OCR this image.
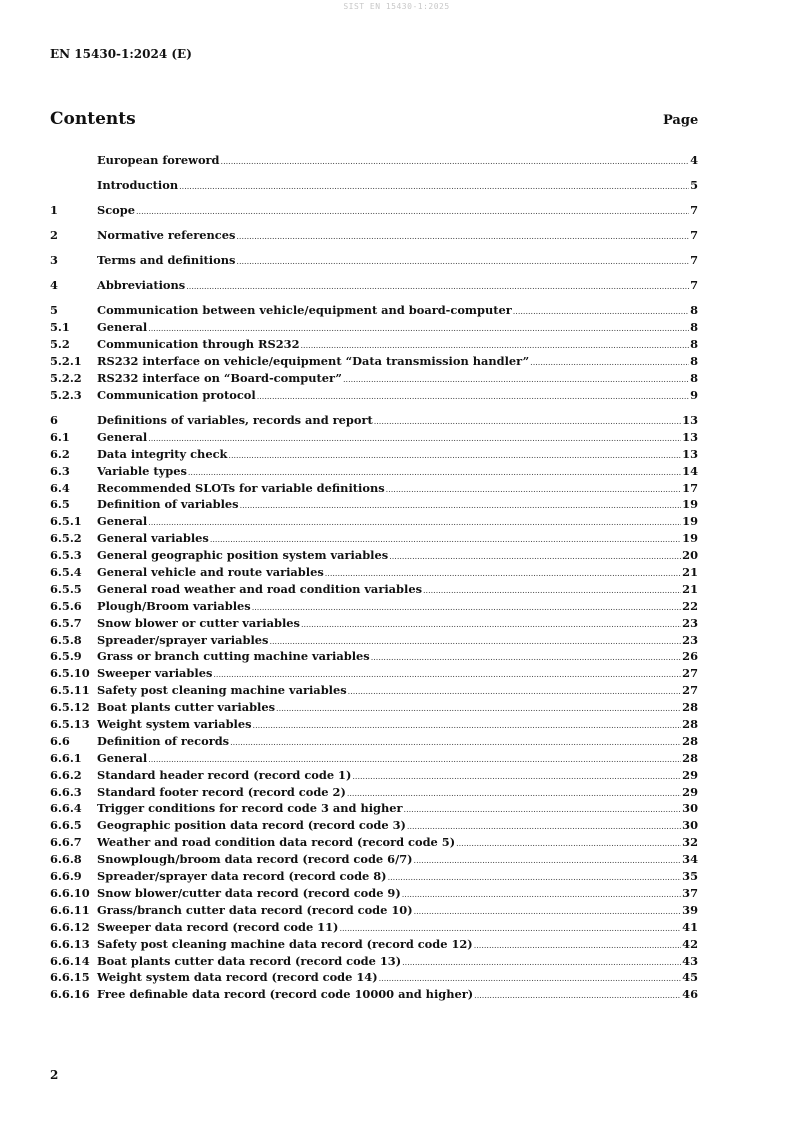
SIST EN 15430-1:2025
EN 15430-1:2024 (E)
Contents	Page
European foreword .....	4
Introduction .....	5
1	Scope .....	7
2	Normative references .....	7
3	Terms and definitions .....	7
4	Abbreviations .....	7
5	Communication between vehicle/equipment and board-computer .....	8
5.1	General .....	8
5.2	Communication through RS232 .....	8
5.2.1	RS232 interface on vehicle/equipment “Data transmission handler” .....	8
5.2.2	RS232 interface on “Board-computer” .....	8
5.2.3	Communication protocol .....	9
6	Definitions of variables, records and report .....	13
6.1	General .....	13
6.2	Data integrity check .....	13
6.3	Variable types .....	14
6.4	Recommended SLOTs for variable definitions .....	17
6.5	Definition of variables .....	19
6.5.1	General .....	19
6.5.2	General variables .....	19
6.5.3	General geographic position system variables .....	20
6.5.4	General vehicle and route variables .....	21
6.5.5	General road weather and road condition variables .....	21
6.5.6	Plough/Broom variables .....	22
6.5.7	Snow blower or cutter variables .....	23
6.5.8	Spreader/sprayer variables .....	23
6.5.9	Grass or branch cutting machine variables .....	26
6.5.10 Sweeper variables .....	27
6.5.11 Safety post cleaning machine variables .....	27
6.5.12 Boat plants cutter variables .....	28
6.5.13 Weight system variables .....	28
6.6	Definition of records .....	28
6.6.1	General .....	28
6.6.2	Standard header record (record code 1) .....	29
6.6.3	Standard footer record (record code 2) .....	29
6.6.4	Trigger conditions for record code 3 and higher .....	30
6.6.5	Geographic position data record (record code 3) .....	30
6.6.7	Weather and road condition data record (record code 5) .....	32
6.6.8	Snowplough/broom data record (record code 6/7) .....	34
6.6.9	Spreader/sprayer data record (record code 8) .....	35
6.6.10 Snow blower/cutter data record (record code 9) .....	37
6.6.11 Grass/branch cutter data record (record code 10) .....	39
6.6.12 Sweeper data record (record code 11) .....	41
6.6.13 Safety post cleaning machine data record (record code 12) .....	42
6.6.14 Boat plants cutter data record (record code 13) .....	43
6.6.15 Weight system data record (record code 14) .....	45
6.6.16 Free definable data record (record code 10000 and higher) .....	46
2
